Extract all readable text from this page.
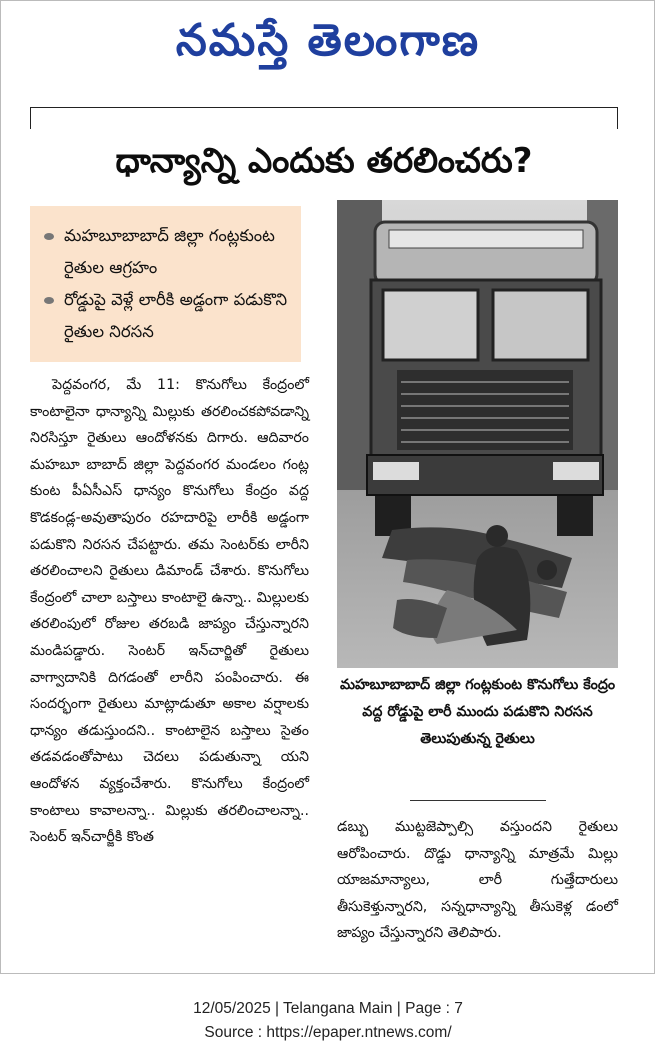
నమస్తే తెలంగాణ
ధాన్యాన్ని ఎందుకు తరలించరు?
మహబూబాబాద్ జిల్లా గంట్లకుంట రైతుల ఆగ్రహం
రోడ్డుపై వెళ్లే లారీకి అడ్డంగా పడుకొని రైతుల నిరసన

పెద్దవంగర, మే 11: కొనుగోలు కేంద్రంలో కాంటాలైనా ధాన్యాన్ని మిల్లుకు తరలించకపోవడాన్ని నిరసిస్తూ రైతులు ఆందోళనకు దిగారు. ఆదివారం మహబూ బాబాద్ జిల్లా పెద్దవంగర మండలం గంట్ల కుంట పీఏసీఎస్ ధాన్యం కొనుగోలు కేంద్రం వద్ద కొడకండ్ల-అవుతాపురం రహదారిపై లారీకి అడ్డంగా పడుకొని నిరసన చేపట్టారు. తమ సెంటర్‌కు లారీని తరలించాలని రైతులు డిమాండ్ చేశారు. కొనుగోలు కేంద్రంలో చాలా బస్తాలు కాంటాలై ఉన్నా.. మిల్లులకు తరలింపులో రోజుల తరబడి జాప్యం చేస్తున్నారని మండిపడ్డారు. సెంటర్ ఇన్‌చార్జితో రైతులు వాగ్వాదానికి దిగడంతో లారీని పంపించారు. ఈ సందర్భంగా రైతులు మాట్లాడుతూ అకాల వర్షాలకు ధాన్యం తడుస్తుందని.. కాంటాలైన బస్తాలు సైతం తడవడంతోపాటు చెదలు పడుతున్నా యని ఆందోళన వ్యక్తంచేశారు. కొనుగోలు కేంద్రంలో కాంటాలు కావాలన్నా.. మిల్లుకు తరలించాలన్నా.. సెంటర్ ఇన్‌చార్జీకి కొంత

మహబూబాబాద్ జిల్లా గంట్లకుంట కొనుగోలు కేంద్రం వద్ద రోడ్డుపై లారీ ముందు పడుకొని నిరసన తెలుపుతున్న రైతులు

డబ్బు ముట్టజెప్పాల్సి వస్తుందని రైతులు ఆరోపించారు. దొడ్డు ధాన్యాన్ని మాత్రమే మిల్లు యాజమాన్యాలు, లారీ గుత్తేదారులు తీసుకెళ్తున్నారని, సన్నధాన్యాన్ని తీసుకెళ్ల డంలో జాప్యం చేస్తున్నారని తెలిపారు.

12/05/2025 | Telangana Main | Page : 7
Source : https://epaper.ntnews.com/
